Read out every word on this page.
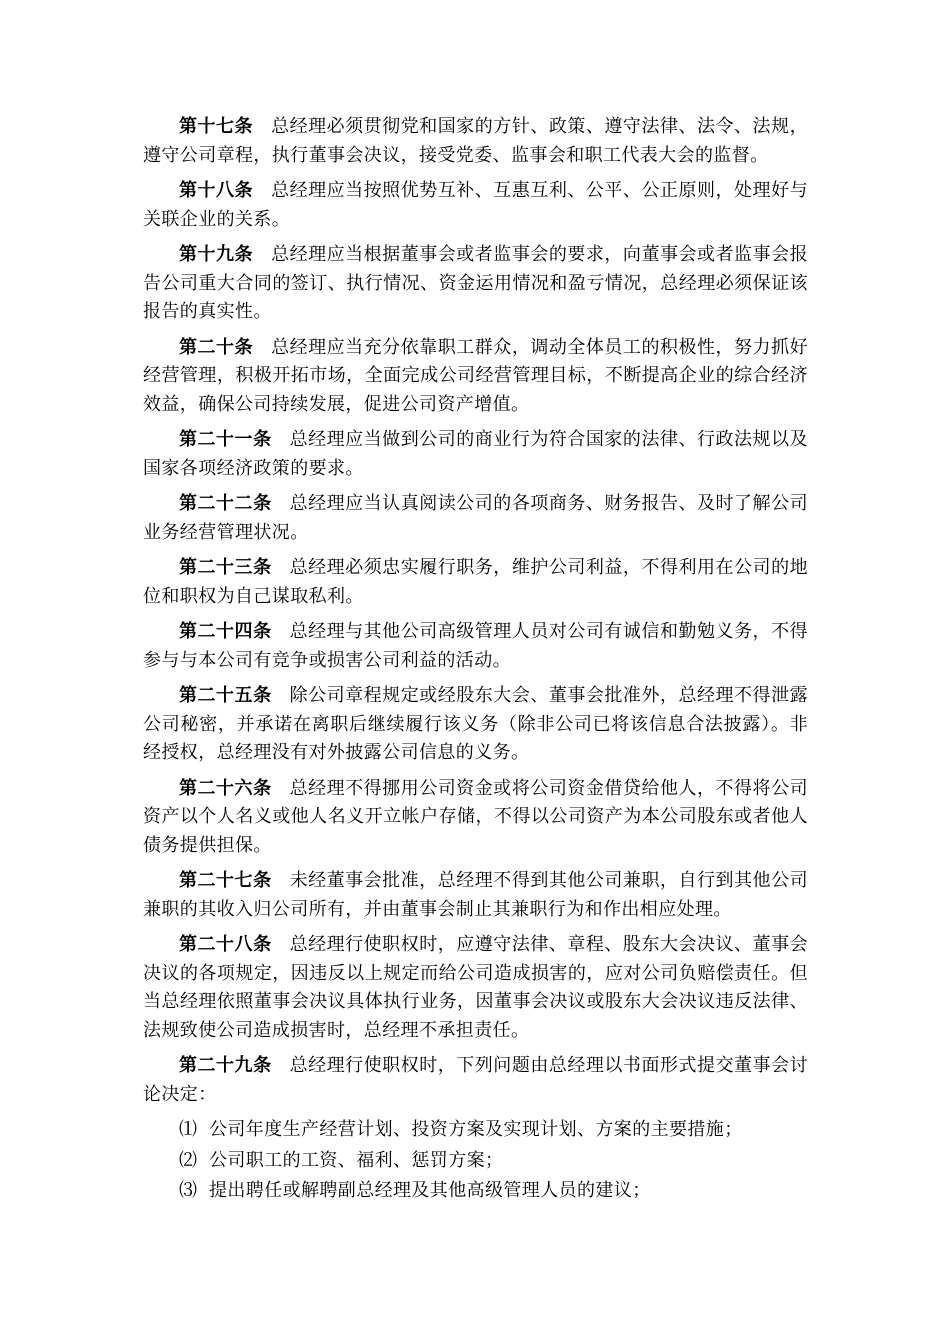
第十七条 总经理必须贯彻党和国家的方针、政策、遵守法律、法令、法规，遵守公司章程，执行董事会决议，接受党委、监事会和职工代表大会的监督。

第十八条 总经理应当按照优势互补、互惠互利、公平、公正原则，处理好与关联企业的关系。

第十九条 总经理应当根据董事会或者监事会的要求，向董事会或者监事会报告公司重大合同的签订、执行情况、资金运用情况和盈亏情况，总经理必须保证该报告的真实性。

第二十条 总经理应当充分依靠职工群众，调动全体员工的积极性，努力抓好经营管理，积极开拓市场，全面完成公司经营管理目标，不断提高企业的综合经济效益，确保公司持续发展，促进公司资产增值。

第二十一条 总经理应当做到公司的商业行为符合国家的法律、行政法规以及国家各项经济政策的要求。

第二十二条 总经理应当认真阅读公司的各项商务、财务报告、及时了解公司业务经营管理状况。

第二十三条 总经理必须忠实履行职务，维护公司利益，不得利用在公司的地位和职权为自己谋取私利。

第二十四条 总经理与其他公司高级管理人员对公司有诚信和勤勉义务，不得参与与本公司有竞争或损害公司利益的活动。

第二十五条 除公司章程规定或经股东大会、董事会批准外，总经理不得泄露公司秘密，并承诺在离职后继续履行该义务（除非公司已将该信息合法披露）。非经授权，总经理没有对外披露公司信息的义务。

第二十六条 总经理不得挪用公司资金或将公司资金借贷给他人，不得将公司资产以个人名义或他人名义开立帐户存储，不得以公司资产为本公司股东或者他人债务提供担保。

第二十七条 未经董事会批准，总经理不得到其他公司兼职，自行到其他公司兼职的其收入归公司所有，并由董事会制止其兼职行为和作出相应处理。

第二十八条 总经理行使职权时，应遵守法律、章程、股东大会决议、董事会决议的各项规定，因违反以上规定而给公司造成损害的，应对公司负赔偿责任。但当总经理依照董事会决议具体执行业务，因董事会决议或股东大会决议违反法律、法规致使公司造成损害时，总经理不承担责任。

第二十九条 总经理行使职权时，下列问题由总经理以书面形式提交董事会讨论决定：

⑴ 公司年度生产经营计划、投资方案及实现计划、方案的主要措施；

⑵ 公司职工的工资、福利、惩罚方案；

⑶ 提出聘任或解聘副总经理及其他高级管理人员的建议；
